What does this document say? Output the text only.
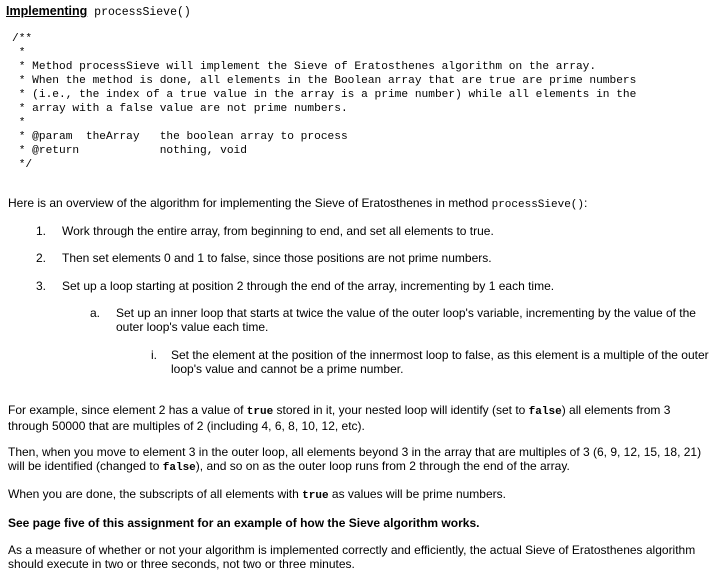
Implementing processSieve()
/**
*
* Method processSieve will implement the Sieve of Eratosthenes algorithm on the array.
* When the method is done, all elements in the Boolean array that are true are prime numbers
* (i.e., the index of a true value in the array is a prime number) while all elements in the
* array with a false value are not prime numbers.
*
* @param  theArray   the boolean array to process
* @return            nothing, void
*/
Here is an overview of the algorithm for implementing the Sieve of Eratosthenes in method processSieve():
1. Work through the entire array, from beginning to end, and set all elements to true.
2. Then set elements 0 and 1 to false, since those positions are not prime numbers.
3. Set up a loop starting at position 2 through the end of the array, incrementing by 1 each time.
a. Set up an inner loop that starts at twice the value of the outer loop's variable, incrementing by the value of the
outer loop's value each time.
i. Set the element at the position of the innermost loop to false, as this element is a multiple of the outer
loop's value and cannot be a prime number.
For example, since element 2 has a value of true stored in it, your nested loop will identify (set to false) all elements from 3
through 50000 that are multiples of 2 (including 4, 6, 8, 10, 12, etc).
Then, when you move to element 3 in the outer loop, all elements beyond 3 in the array that are multiples of 3 (6, 9, 12, 15, 18, 21)
will be identified (changed to false), and so on as the outer loop runs from 2 through the end of the array.
When you are done, the subscripts of all elements with true as values will be prime numbers.
See page five of this assignment for an example of how the Sieve algorithm works.
As a measure of whether or not your algorithm is implemented correctly and efficiently, the actual Sieve of Eratosthenes algorithm
should execute in two or three seconds, not two or three minutes.
